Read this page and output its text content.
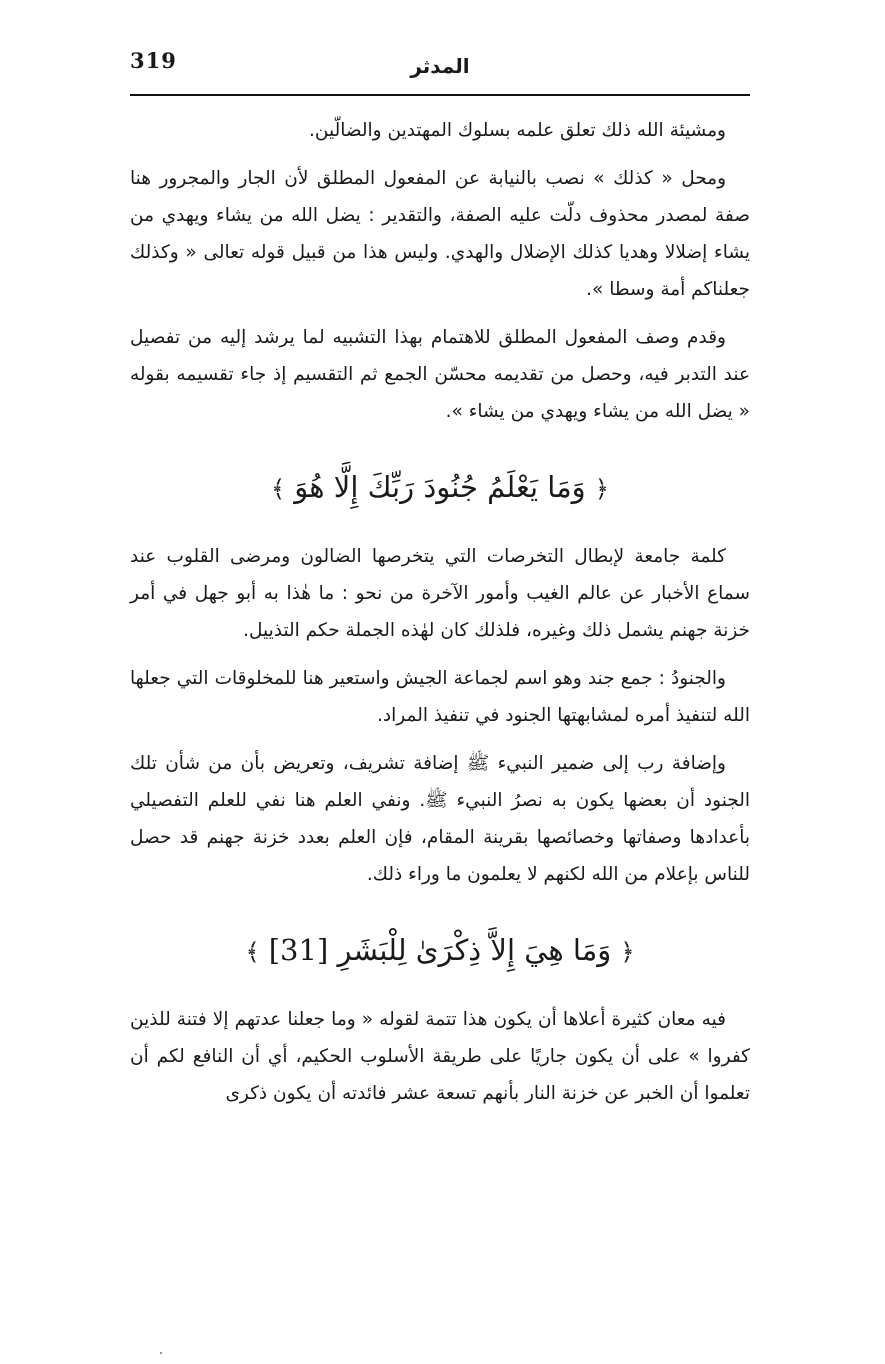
319	المدثر

ومشيئة الله ذلك تعلق علمه بسلوك المهتدين والضالّين.

ومحل « كذلك » نصب بالنيابة عن المفعول المطلق لأن الجار والمجرور هنا صفة لمصدر محذوف دلّت عليه الصفة، والتقدير : يضل الله من يشاء ويهدي من يشاء إضلالا وهديا كذلك الإضلال والهدي. وليس هذا من قبيل قوله تعالى « وكذلك جعلناكم أمة وسطا ».

وقدم وصف المفعول المطلق للاهتمام بهذا التشبيه لما يرشد إليه من تفصيل عند التدبر فيه، وحصل من تقديمه محسّن الجمع ثم التقسيم إذ جاء تقسيمه بقوله « يضل الله من يشاء ويهدي من يشاء ».

﴿ وَمَا يَعْلَمُ جُنُودَ رَبِّكَ إِلَّا هُوَ ﴾

كلمة جامعة لإبطال التخرصات التي يتخرصها الضالون ومرضى القلوب عند سماع الأخبار عن عالم الغيب وأمور الآخرة من نحو : ما هٰذا به أبو جهل في أمر خزنة جهنم يشمل ذلك وغيره، فلذلك كان لهٰذه الجملة حكم التذييل.

والجنودُ : جمع جند وهو اسم لجماعة الجيش واستعير هنا للمخلوقات التي جعلها الله لتنفيذ أمره لمشابهتها الجنود في تنفيذ المراد.

وإضافة رب إلى ضمير النبيء ﷺ إضافة تشريف، وتعريض بأن من شأن تلك الجنود أن بعضها يكون به نصرُ النبيء ﷺ. ونفي العلم هنا نفي للعلم التفصيلي بأعدادها وصفاتها وخصائصها بقرينة المقام، فإن العلم بعدد خزنة جهنم قد حصل للناس بإعلام من الله لكنهم لا يعلمون ما وراء ذلك.

﴿ وَمَا هِيَ إِلاَّ ذِكْرَىٰ لِلْبَشَرِ [31] ﴾

فيه معان كثيرة أعلاها أن يكون هذا تتمة لقوله « وما جعلنا عدتهم إلا فتنة للذين كفروا » على أن يكون جاريًا على طريقة الأسلوب الحكيم، أي أن النافع لكم أن تعلموا أن الخبر عن خزنة النار بأنهم تسعة عشر فائدته أن يكون ذكرى
